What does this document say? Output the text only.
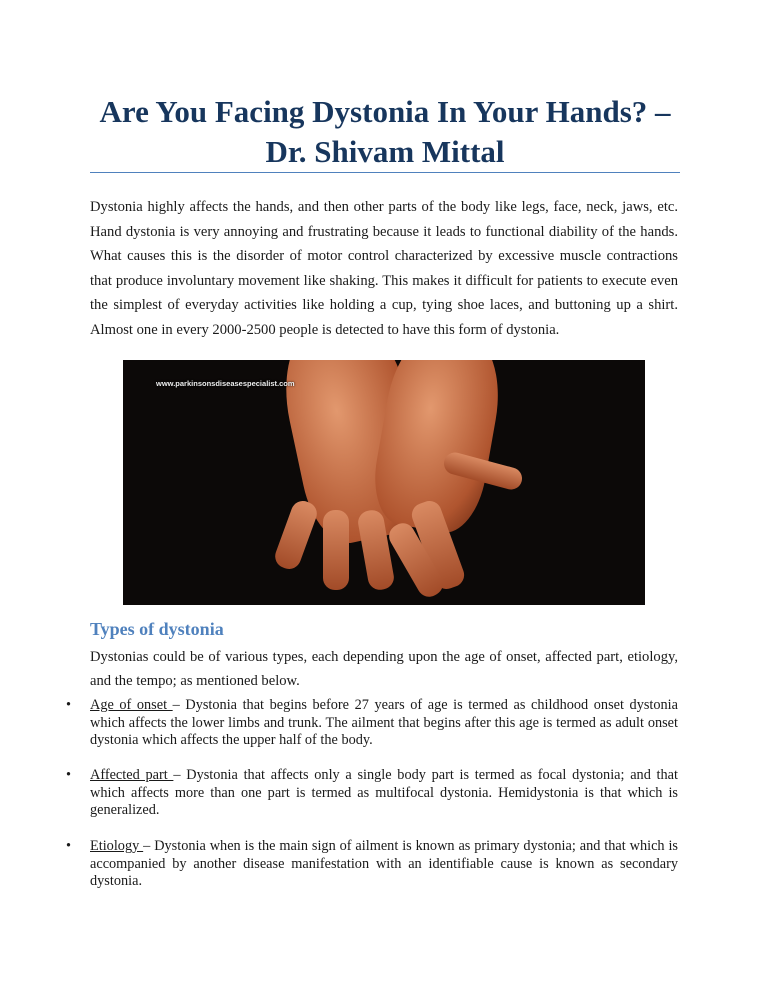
Are You Facing Dystonia In Your Hands? – Dr. Shivam Mittal
Dystonia highly affects the hands, and then other parts of the body like legs, face, neck, jaws, etc. Hand dystonia is very annoying and frustrating because it leads to functional diability of the hands. What causes this is the disorder of motor control characterized by excessive muscle contractions that produce involuntary movement like shaking. This makes it difficult for patients to execute even the simplest of everyday activities like holding a cup, tying shoe laces, and buttoning up a shirt. Almost one in every 2000-2500 people is detected to have this form of dystonia.
www.parkinsonsdiseasespecialist.com
Types of dystonia
Dystonias could be of various types, each depending upon the age of onset, affected part, etiology, and the tempo; as mentioned below.
• Age of onset – Dystonia that begins before 27 years of age is termed as childhood onset dystonia which affects the lower limbs and trunk. The ailment that begins after this age is termed as adult onset dystonia which affects the upper half of the body.
• Affected part – Dystonia that affects only a single body part is termed as focal dystonia; and that which affects more than one part is termed as multifocal dystonia. Hemidystonia is that which is generalized.
• Etiology – Dystonia when is the main sign of ailment is known as primary dystonia; and that which is accompanied by another disease manifestation with an identifiable cause is known as secondary dystonia.
